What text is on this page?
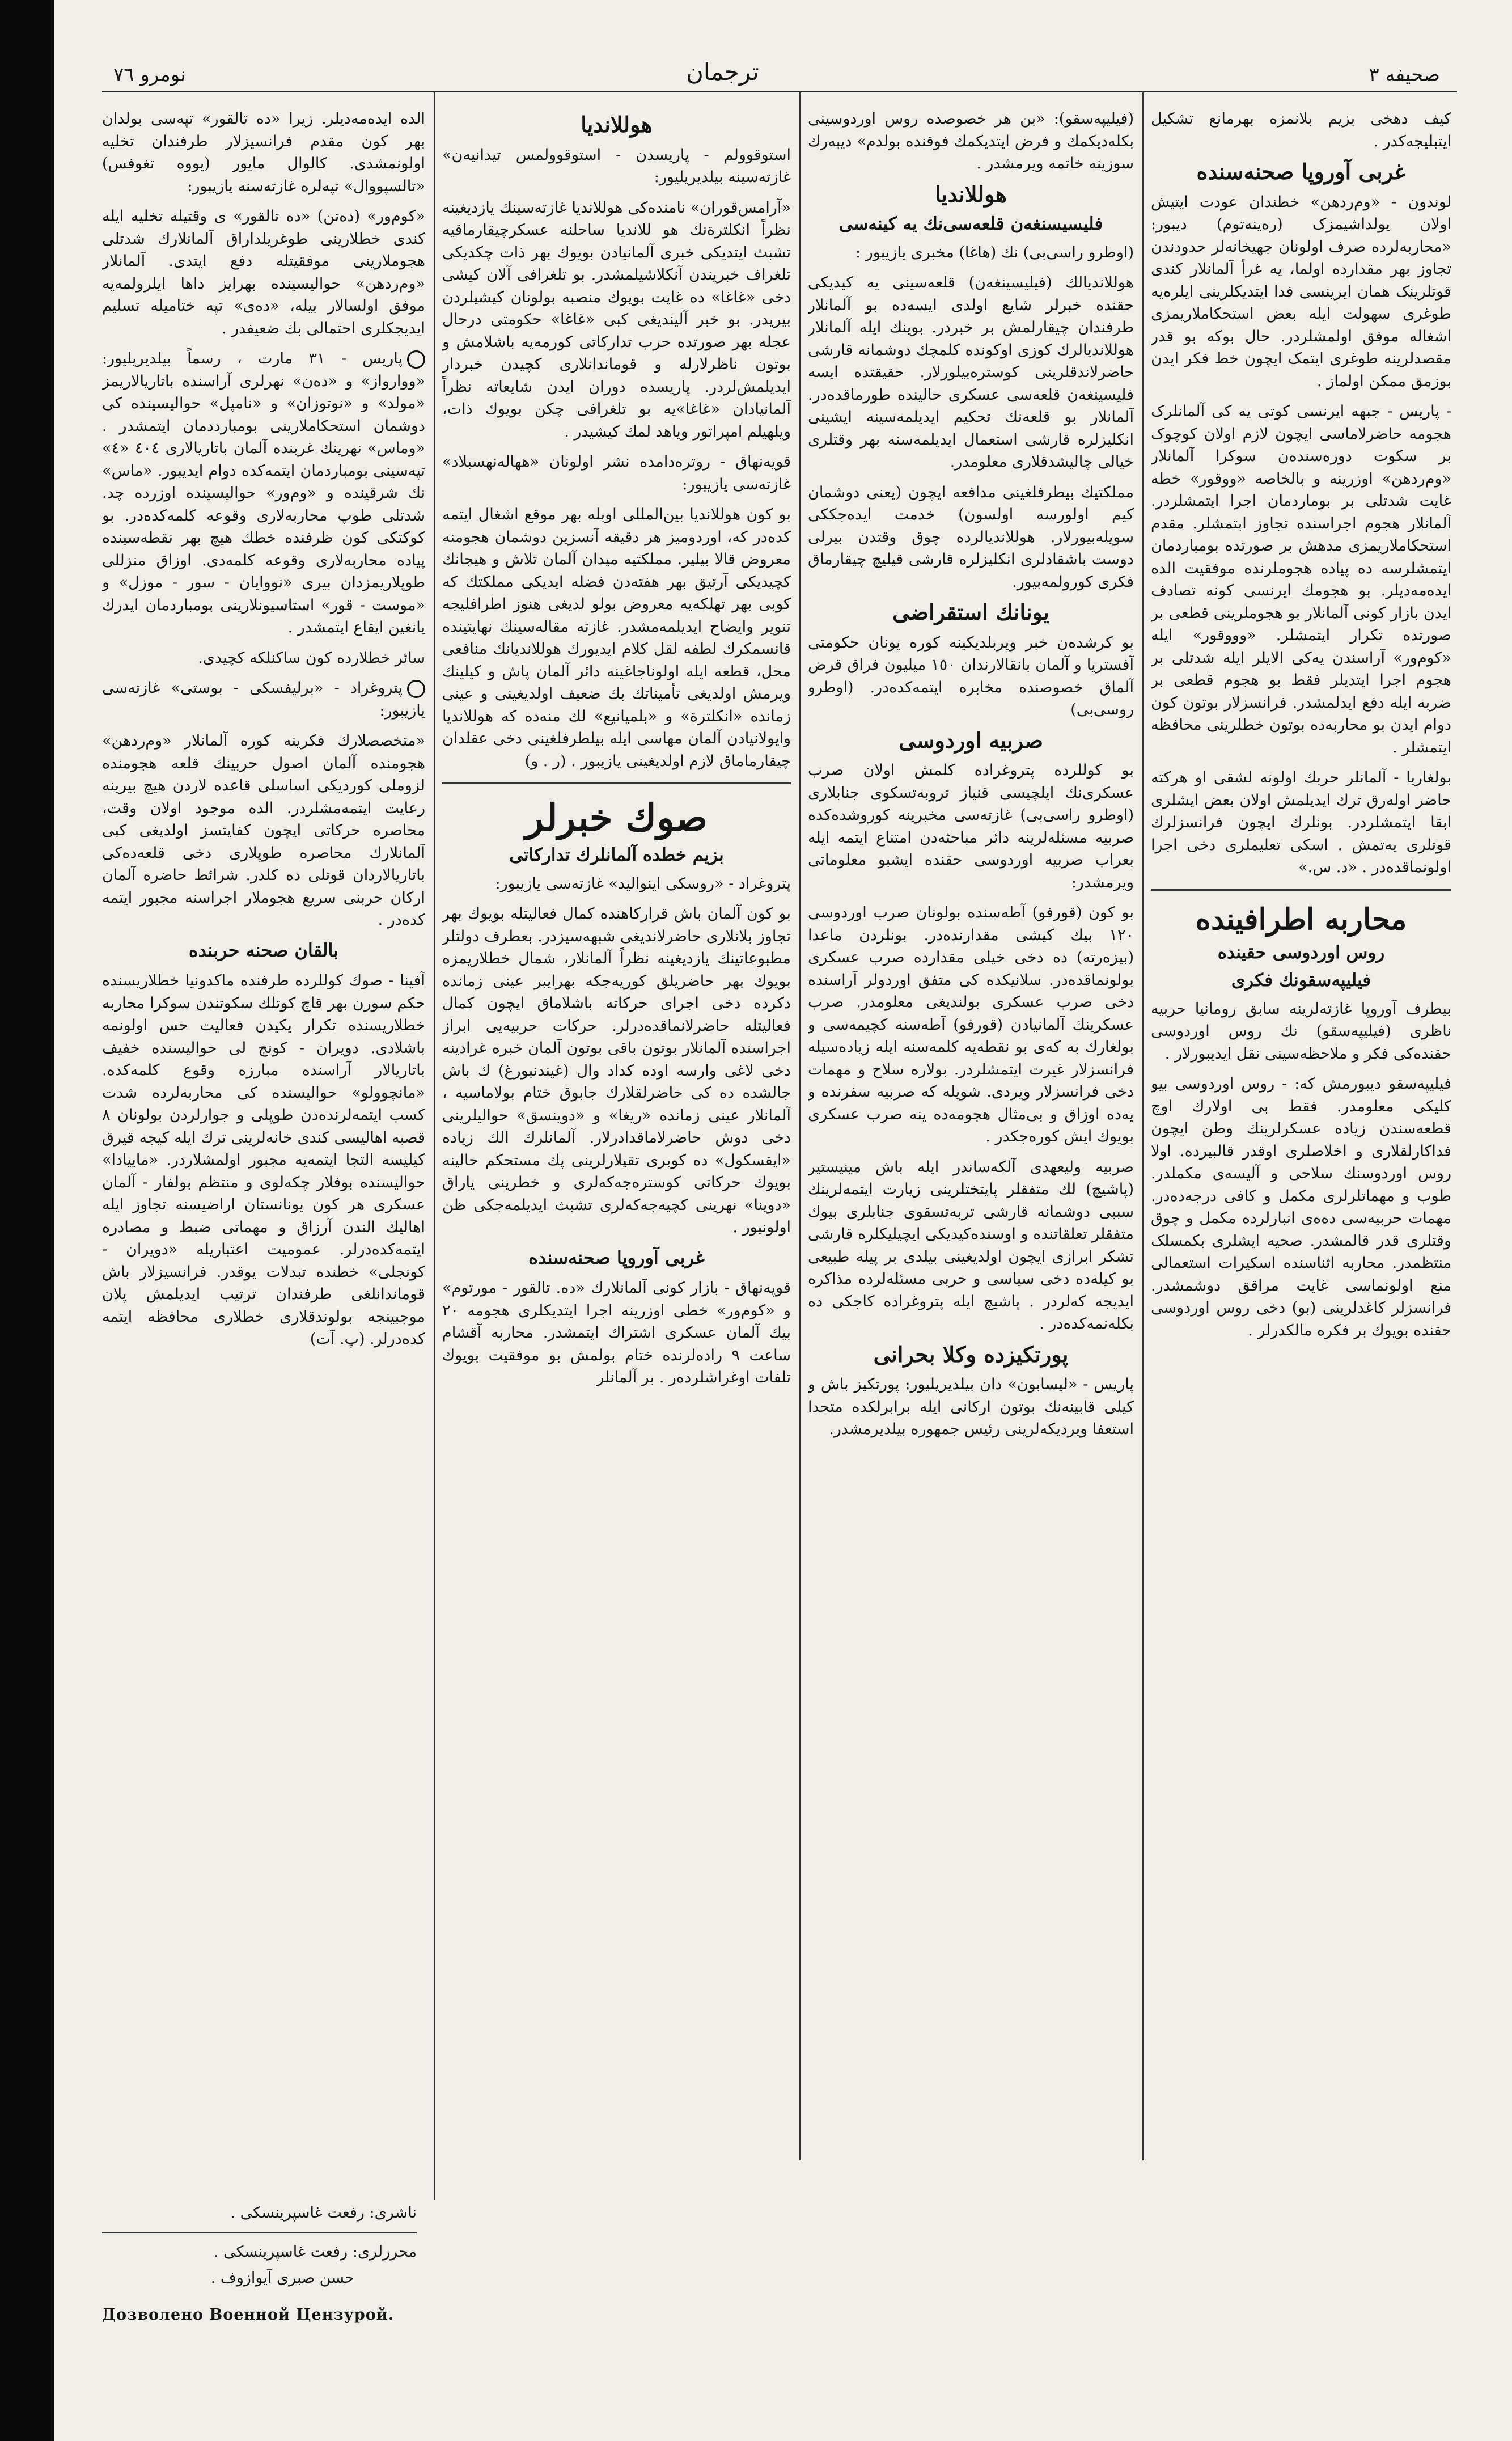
نومرو ٧٦	ترجمان	صحیفه ۳

کیف دهخی بزیم بلانمزه بهرمانع تشکیل ایتبلیجه‌کدر .

غربی آوروپا صحنه‌سنده

لوندون - «وم‌ردهن» خطندان عودت ایتیش اولان یولداشیمزک (ره‌ینه‌توم) دیبور: «محاربه‌لرده صرف اولونان جهیخانه‌لر حدودندن تجاوز بهر مقدارده اولما، یه غرأ آلمانلار کندی قوتلرینک همان ایرینسی فدا ایتدیکلرینی ایلره‌یه طوغری سهولت ایله بعض استحکاملاریمزی اشغاله موفق اولمشلردر. حال بوکه بو قدر مقصدلرینه طوغری ایتمک ایچون خط فکر ایدن بوزمق ممکن اولماز .

- پاریس - جبهه ایرنسی کوتی یه کی آلمانلرک هجومه حاضرلاماسی ایچون لازم اولان کوچوک بر سکوت دوره‌سنده‌ن سوکرا آلمانلار «وم‌ردهن» اوزرینه و بالخاصه «ووقور» خطه غایت شدتلی بر بوماردمان اجرا ایتمشلردر. آلمانلار هجوم اجراسنده تجاوز ابتمشلر. مقدم استحکاملاریمزی مدهش بر صورتده بومباردمان ایتمشلرسه ده پیاده هجوملرنده موفقیت الده ایده‌مه‌دیلر. بو هجومك ایرنسی کونه تصادف ایدن بازار کونی آلمانلار بو هجوملرینی قطعی بر صورتده تکرار ایتمشلر. «وووقور» ایله «کوم‌ور» آراسندن یه‌کی الایلر ایله شدتلی بر هجوم اجرا ایتدیلر فقط بو هجوم قطعی بر ضربه ایله دفع ایدلمشدر. فرانسزلار بوتون کون دوام ایدن بو محاربه‌ده بوتون خطلرینی محافظه ایتمشلر .

بولغاریا - آلمانلر حربك اولونه لشقی او هرکته حاضر اوله‌رق ترك ایدیلمش اولان بعض ایشلری ابقا ایتمشلردر. بونلرك ایچون فرانسزلرك قوتلری یه‌تمش . اسکی تعلیملری دخی اجرا اولونماقده‌در . «د. س.»

محاربه اطرافینده
روس اوردوسی حقینده
فیلیپه‌سقونك فکری

بیطرف آوروپا غازته‌لرینه سابق رومانیا حربیه ناظری (فیلیپه‌سقو) نك روس اوردوسی حقنده‌کی فکر و ملاحظه‌سینی نقل ایدیبورلار .

فیلیپه‌سقو دیبورمش که: - روس اوردوسی بیو کلیکی معلومدر. فقط بی اولارك اوچ قطعه‌سندن زیاده عسکرلرینك وطن ایچون فداکارلقلاری و اخلاصلری اوقدر قالبیرده. اولا روس اوردوسنك سلاحی و آلیسه‌ی مکملدر. طوب و مهماتلرلری مکمل و کافی درجه‌ده‌در. مهمات حربیه‌سی ده‌ه‌ی انبارلرده مکمل و چوق وقتلری قدر قالمشدر. صحیه ایشلری بکمسلک منتظمدر. محاربه اثناسنده اسکیرات استعمالی منع اولونماسی غایت مراقق دوشمشدر. فرانسزلر کاغدلرینی (بو) دخی روس اوردوسی حقنده بویوك بر فکره مالكدرلر .

(فیلیپه‌سقو): «بن هر خصوصده روس اوردوسینی بکله‌دیکمك و فرض ایتدیکمك فوقنده بولدم» دیبه‌رك سوزینه خاتمه ویرمشدر .

هوللاندیا
فلیسیسنغه‌ن قلعه‌سی‌نك یه کینه‌سی

(اوطرو راسی‌بی) نك (هاغا) مخبری یازیبور :

هوللاندیالك (فیلیسینغه‌ن) قلعه‌سینی یه کیدیکی حقنده خبرلر شایع اولدی ایسه‌ده بو آلمانلار طرفندان چیقارلمش بر خبردر. بوینك ایله آلمانلار هوللاندیالرك کوزی اوکونده کلمچك دوشمانه قارشی حاضرلاندقلرینی کوستره‌بیلورلار. حقیقتده ایسه فلیسینغه‌ن قلعه‌سی عسکری حالینده طورماقده‌در. آلمانلار بو قلعه‌نك تحکیم ایدیلمه‌سینه ایشینی انکلیزلره قارشی استعمال ایدیلمه‌سنه بهر وقتلری خیالی چالیشدقلاری معلومدر.

مملکتیك بیطرفلغینی مدافعه ایچون (یعنی دوشمان کیم اولورسه اولسون) خدمت ایده‌جککی سویله‌بیورلار. هوللاندیالرده چوق وقتدن بیرلی دوست باشقادلری انکلیزلره قارشی قیلیچ چیقارماق فکری کورولمه‌بیور.

یونانك استقراضی

بو کرشده‌ن خبر ویربلدیکینه کوره یونان حکومتی آفستریا و آلمان بانقالارندان ١٥٠ میلیون فراق قرض آلماق خصوصنده مخابره ایتمه‌کده‌در. (اوطرو روسی‌بی)

صربیه اوردوسی

بو کوللرده پتروغراده کلمش اولان صرب عسکری‌نك ایلچیسی قنیاز تروبه‌تسکوی جنابلاری (اوطرو راسی‌بی) غازته‌سی مخبرینه کوروشده‌کده صربیه مسئله‌لرینه دائر مباحثه‌دن امتناع ایتمه ایله بعراب صربیه اوردوسی حقنده ایشبو معلوماتی ویرمشدر:

بو کون (قورفو) آطه‌سنده بولونان صرب اوردوسی ١٢٠ بیك کیشی مقدارنده‌در. بونلردن ماعدا (بیزه‌رته) ده دخی خیلی مقدارده صرب عسکری بولونماقده‌در. سلانیکده کی متفق اوردولر آراسنده دخی صرب عسکری بولندیغی معلومدر. صرب عسکرینك آلمانیادن (قورفو) آطه‌سنه کچیمه‌سی و بولغارك به که‌ی بو نقطه‌یه کلمه‌سنه ایله زیاده‌سیله فرانسزلار غیرت ایتمشلردر. بولاره سلاح و مهمات دخی فرانسزلار ویردی. شویله که صربیه سفرنده و یه‌ده اوزاق و بی‌مثال هجومه‌ده ینه صرب عسکری بویوك ایش کوره‌جکدر .

صربیه ولیعهدی آلکه‌ساندر ایله باش مینیستیر (پاشیچ) لك متفقلر پایتختلرینی زیارت ایتمه‌لرینك سببی دوشمانه قارشی تربه‌تسقوی جنابلری بیوك متفقلر تعلقاتنده و اوسنده‌کیدیکی ایچیلیکلره قارشی تشکر ابرازی ایچون اولدیغینی بیلدی بر پیله طبیعی بو کیله‌ده دخی سیاسی و حربی مسئله‌لرده مذاکره ایدیجه که‌لردر . پاشیچ ایله پتروغراده کاجکی ده بکله‌نمه‌کده‌در .

پورتکیزده وکلا بحرانی

پاریس - «لیسابون» دان بیلدیریلیور: پورتکیز باش و کیلی قابینه‌نك بوتون ارکانی ایله برابرلکده متحدا استعفا ویردیکه‌لرینی رئیس جمهوره بیلدیرمشدر.

هوللاندیا

استوقوولم - پاریسدن - استوقوولمس تیدانیه‌ن» غازته‌سینه بیلدیریلیور:

«آرامس‌قوران» نامنده‌کی هوللاندیا غازته‌سینك یازدیغینه نظراً انکلترة‌نك هو للاندیا ساحلنه عسکرچیقارماقیه تشبث ایتدیکی خبری آلمانیادن بویوك بهر ذات چکدیکی تلغراف خبریندن آنکلاشیلمشدر. بو تلغرافی آلان کیشی دخی «غاغا» ده غایت بویوك منصبه بولونان کیشیلردن بیریدر. بو خبر آلیندیغی کبی «غاغا» حکومتی درحال عجله بهر صورتده حرب تدارکاتی کورمه‌یه باشلامش و بوتون ناظرلارله و قوماندانلاری کچیدن خبردار ایدیلمش‌لردر. پاریسده دوران ایدن شایعاته نظراً آلمانیادان «غاغا»یه بو تلغرافی چکن بویوك ذات، ویلهیلم امپراتور ویاهد لمك کیشیدر .

قویه‌نهاق - روتره‌دامده نشر اولونان «ههاله‌نهسبلاد» غازته‌سی یازیبور:

بو کون هوللاندیا بین‌المللی اوبله بهر موقع اشغال ایتمه کده‌در که، اوردومیز هر دقیقه آنسزین دوشمان هجومنه معروض قالا بیلیر. مملکتیه میدان آلمان تلاش و هیجانك کچیدیکی آرتیق بهر هفته‌دن فضله ایدیکی مملکتك که کوبی بهر تهلکه‌یه معروض بولو لدیغی هنوز اطرافلیجه تنویر وایضاح ایدیلمه‌مشدر. غازته مقاله‌سینك نهایتینده قانسمکرك لطفه لقل کلام ایدیورك هوللاندیانك منافعی محل، قطعه ایله اولوناجاغینه دائر آلمان پاش و کیلینك ویرمش اولدیغی تأمیناتك بك ضعیف اولدیغینی و عینی زمانده «انکلترة» و «بلمیانیع» لك منه‌ده که هوللاندیا وایولانیادن آلمان مهاسی ایله بیلطرفلغینی دخی عقلدان چیقارماماق لازم اولدیغینی یازیبور . (ر . و)

صوك خبرلر
بزیم خطده آلمانلرك تدارکاتی

پتروغراد - «روسکی اینوالید» غازته‌سی یازیبور:

بو کون آلمان باش قرارکاهنده کمال فعالیتله بویوك بهر تجاوز بلانلاری حاضرلاندیغی شبهه‌سیزدر. بعطرف دولتلر مطبوعاتینك یازدیغینه نظراً آلمانلار، شمال خطلاریمزه بویوك بهر حاضریلق کوریه‌جکه بهرایبر عینی زمانده دکرده دخی اجرای حرکاته باشلاماق ایچون کمال فعالیتله حاضرلانماقده‌درلر. حرکات حربیه‌یی ابراز اجراسنده آلمانلار بوتون باقی بوتون آلمان خبره غراد‌ینه دخی لاغی وارسه اوده کداد وال (غیندنبورغ) ك باش جالشده ده کی حاضرلقلارك جابوق ختام بولاماسیه ، آلمانلار عینی زمانده «ریغا» و «دوینسق» حوالیلرینی دخی دوش حاضرلاماقدادرلار. آلمانلرك الك زیاده «ایقسکول» ده کوبری تقیلارلرینی پك مستحکم حالینه بویوك حرکاتی کوستره‌جه‌که‌لری و خطرینی یاراق «دوینا» نهرینی کچیه‌جه‌که‌لری تشبث ایدیلمه‌جکی ظن اولونیور .

غربی آوروپا صحنه‌سنده

قوپه‌نهاق - بازار کونی آلمانلارك «ده. تالقور - مورتوم» و «کوم‌ور» خطی اوزرینه اجرا ایتدیکلری هجومه ٢٠ بیك آلمان عسکری اشتراك ایتمشدر. محاربه آقشام ساعت ٩ راده‌لرنده ختام بولمش بو موفقیت بویوك تلفات اوغراشلرده‌ر . بر آلمانلر

الده ایده‌مه‌دیلر. زیرا «ده‌ تالقور» تپه‌سی بولدان بهر کون مقدم فرانسیزلار طرفندان تخلیه اولونمشدی. کالوال مایور (یووه‌ تغوفس) «تالسپووال» تپه‌لره غازته‌سنه یازیبور:

«کوم‌ور» (ده‌تن) «ده تالقور» ی وقتیله تخلیه ایله کندی خطلارینی طوغریلداراق آلمانلارك شدتلی هجوملارینی موفقیتله دفع ایتدی. آلمانلار «وم‌ردهن» حوالیسینده بهرایز داها ایلرولمه‌یه موفق اولسالار بیله، «ده‌ی» تپه ختامیله تسلیم ایدیجکلری احتمالی بك ضعیفدر .

پاریس - ۳۱ مارت ، رسماً بیلدیریلیور: «ووارواز» و «ده‌ن» نهرلری آراسنده باتاریالاریمز «مولد» و «نوتوزان» و «نامپل» حوالیسینده کی دوشمان استحکاملارینی بومبارددمان ایتمشدر . «وماس» نهرینك غربنده آلمان باتاریالاری ٤٠٤ «٤» تپه‌سینی بومباردمان ایتمه‌کده دوام ایدیبور. «ماس» نك شرقینده و «وم‌ور» حوالیسینده اوزرده چد. شدتلی طوپ محاربه‌لاری وقوعه کلمه‌کده‌در. بو کوکتکی کون ظرفنده خطك هیچ بهر نقطه‌سینده پیاده محاربه‌لاری وقوعه کلمه‌دی. اوزاق منزللی طوپلاریمزدان بیری «نووایان - سور - موزل» و «موست - قور» استاسیونلارینی بومباردمان ایدرك یانغین ایقاع ایتمشدر .

سائر خطلارده کون ساکنلکه کچیدی.

پتروغراد - «برلیفسکی - بوستی» غازته‌سی یازیبور:

«متخصصلارك فکرینه کوره آلمانلار «وم‌ردهن» هجومنده آلمان اصول حربینك قلعه هجومنده لزوملی کوردیکی اساسلی قاعده لاردن هیچ بیرینه رعایت ایتمه‌مشلردر. الده موجود اولان وقت، محاصره حرکاتی ایچون کفایتسز اولدیغی کبی آلمانلارك محاصره طوپلاری دخی قلعه‌ده‌کی باتاریالاردان قوتلی ده کلدر. شرائط حاضره آلمان ارکان حربنی سریع هجوملار اجراسنه مجبور ایتمه کده‌در .

بالقان صحنه حربنده

آفینا - صوك کوللرده طرفنده ماکدونیا خطلاریسنده حکم سورن بهر قاچ کوتلك سکوتندن سوکرا محاربه خطلاریسنده تکرار یکیدن فعالیت حس اولونمه باشلادی. دویران - کونج لی حوالیسنده خفیف باتاریالار آراسنده مبارزه وقوع کلمه‌کده. «مانچوولو» حوالیسنده کی محاربه‌لرده شدت کسب ایتمه‌لرنده‌دن طوپلی و جوارلردن بولونان ٨ قصبه اهالیسی کندی خانه‌لرینی ترك ایله کیجه قیرق کیلیسه التجا ایتمه‌یه مجبور اولمشلاردر. «ماییادا» حوالیسنده بوفلار چکه‌لوی و منتظم بولفار - آلمان عسکری هر کون یونانستان اراضیسنه تجاوز ایله اهالیك الندن آرزاق و مهماتی ضبط و مصادره ایتمه‌کده‌درلر. عمومیت اعتباریله «دویران - کونجلی» خطنده تبدلات یوقدر. فرانسیزلار باش قوماندانلغی طرفندان ترتیب ایدیلمش پلان موجبینجه بولوندقلاری خطلاری محافظه ایتمه کده‌درلر. (پ. آت)

ناشری: رفعت غاسپرینسکی .
محررلری: رفعت غاسپرینسکی .
حسن صبری آیوازوف .
Дозволено Военной Цензурой.
